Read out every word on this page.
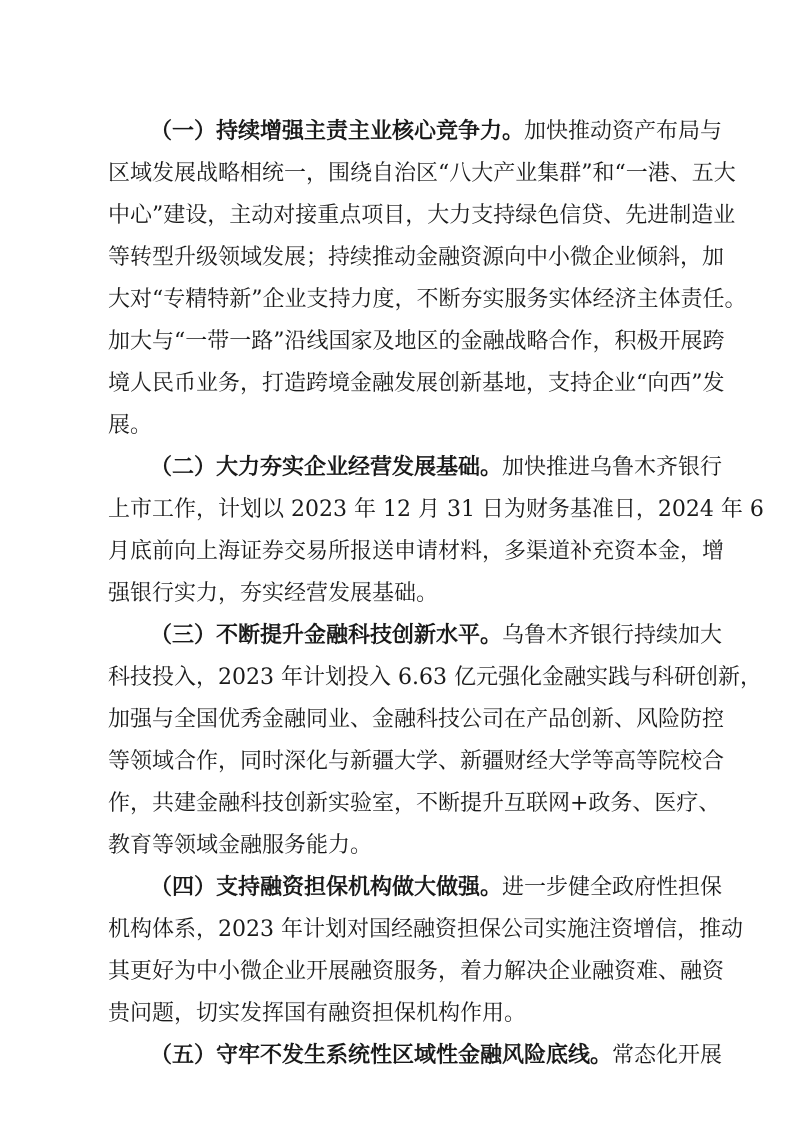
（一）持续增强主责主业核心竞争力。加快推动资产布局与
区域发展战略相统一，围绕自治区“八大产业集群”和“一港、五大
中心”建设，主动对接重点项目，大力支持绿色信贷、先进制造业
等转型升级领域发展；持续推动金融资源向中小微企业倾斜，加
大对“专精特新”企业支持力度，不断夯实服务实体经济主体责任。
加大与“一带一路”沿线国家及地区的金融战略合作，积极开展跨
境人民币业务，打造跨境金融发展创新基地，支持企业“向西”发
展。
（二）大力夯实企业经营发展基础。加快推进乌鲁木齐银行
上市工作，计划以 2023 年 12 月 31 日为财务基准日，2024 年 6
月底前向上海证券交易所报送申请材料，多渠道补充资本金，增
强银行实力，夯实经营发展基础。
（三）不断提升金融科技创新水平。乌鲁木齐银行持续加大
科技投入，2023 年计划投入 6.63 亿元强化金融实践与科研创新，
加强与全国优秀金融同业、金融科技公司在产品创新、风险防控
等领域合作，同时深化与新疆大学、新疆财经大学等高等院校合
作，共建金融科技创新实验室，不断提升互联网+政务、医疗、
教育等领域金融服务能力。
（四）支持融资担保机构做大做强。进一步健全政府性担保
机构体系，2023 年计划对国经融资担保公司实施注资增信，推动
其更好为中小微企业开展融资服务，着力解决企业融资难、融资
贵问题，切实发挥国有融资担保机构作用。
（五）守牢不发生系统性区域性金融风险底线。常态化开展
